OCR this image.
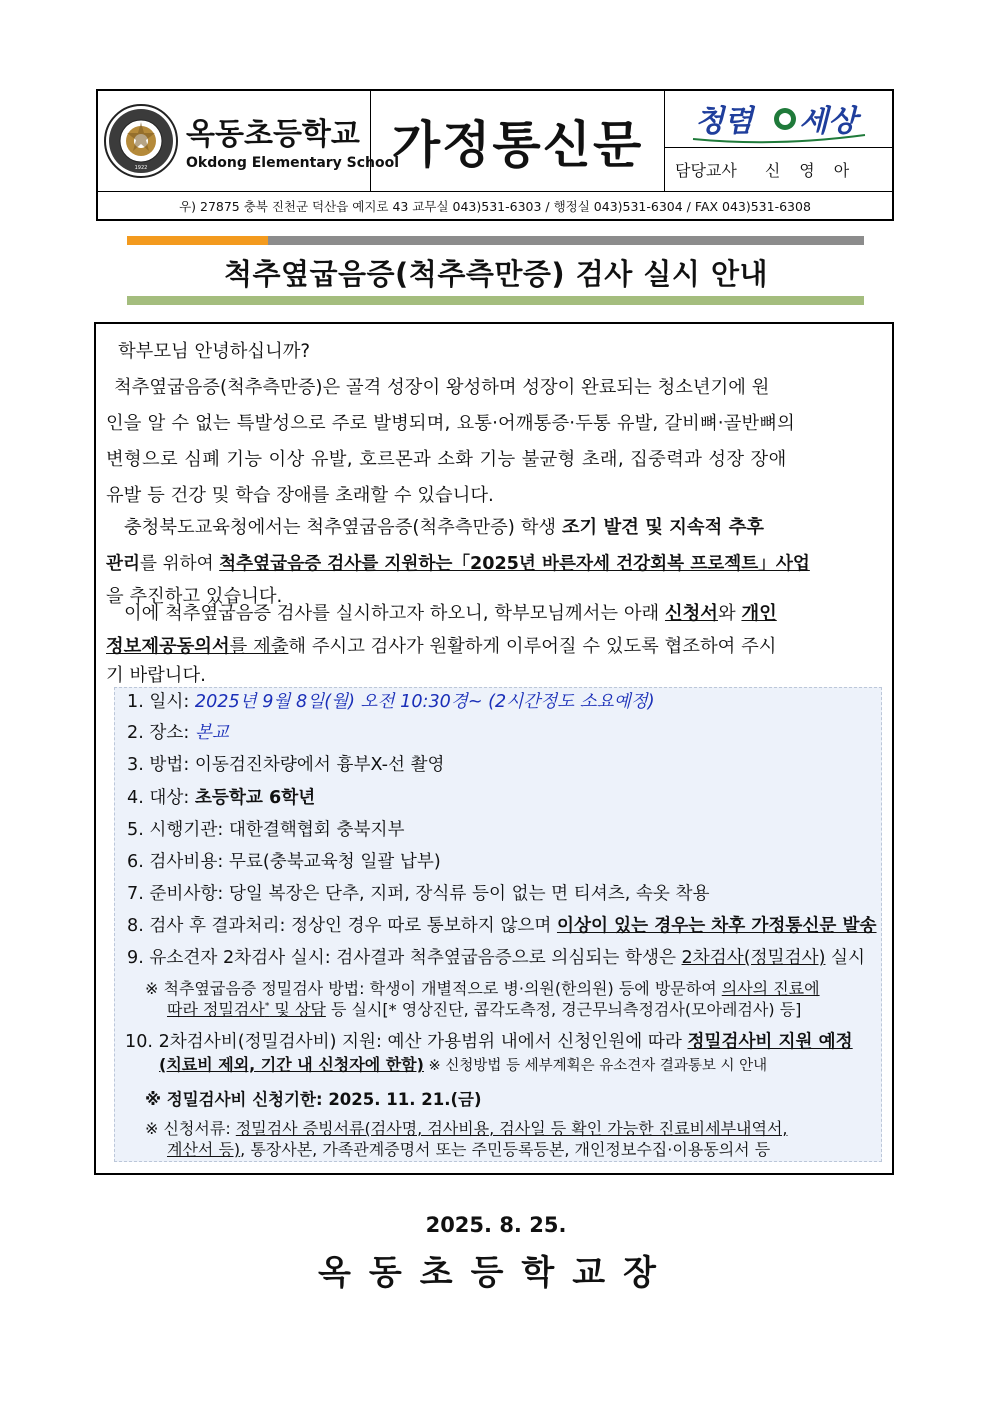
1922
옥동초등학교
Okdong Elementary School
가정통신문	청렴 세상
담당교사 신영아
우) 27875 충북 진천군 덕산읍 예지로 43 교무실 043)531-6303 / 행정실 043)531-6304 / FAX 043)531-6308
척추옆굽음증(척추측만증) 검사 실시 안내
학부모님 안녕하십니까?
척추옆굽음증(척추측만증)은 골격 성장이 왕성하며 성장이 완료되는 청소년기에 원
인을 알 수 없는 특발성으로 주로 발병되며, 요통·어깨통증·두통 유발, 갈비뼈·골반뼈의
변형으로 심폐 기능 이상 유발, 호르몬과 소화 기능 불균형 초래, 집중력과 성장 장애
유발 등 건강 및 학습 장애를 초래할 수 있습니다.
충청북도교육청에서는 척추옆굽음증(척추측만증) 학생 조기 발견 및 지속적 추후
관리를 위하여 척추옆굽음증 검사를 지원하는「2025년 바른자세 건강회복 프로젝트」사업
을 추진하고 있습니다.
이에 척추옆굽음증 검사를 실시하고자 하오니, 학부모님께서는 아래 신청서와 개인
정보제공동의서를 제출해 주시고 검사가 원활하게 이루어질 수 있도록 협조하여 주시
기 바랍니다.
1. 일시: 2025년 9월 8일(월) 오전 10:30경~ (2시간정도 소요예정)
2. 장소: 본교
3. 방법: 이동검진차량에서 흉부X-선 촬영
4. 대상: 초등학교 6학년
5. 시행기관: 대한결핵협회 충북지부
6. 검사비용: 무료(충북교육청 일괄 납부)
7. 준비사항: 당일 복장은 단추, 지퍼, 장식류 등이 없는 면 티셔츠, 속옷 착용
8. 검사 후 결과처리: 정상인 경우 따로 통보하지 않으며 이상이 있는 경우는 차후 가정통신문 발송
9. 유소견자 2차검사 실시: 검사결과 척추옆굽음증으로 의심되는 학생은 2차검사(정밀검사) 실시
※ 척추옆굽음증 정밀검사 방법: 학생이 개별적으로 병·의원(한의원) 등에 방문하여 의사의 진료에
따라 정밀검사* 및 상담 등 실시[* 영상진단, 콥각도측정, 경근무늬측정검사(모아레검사) 등]
10. 2차검사비(정밀검사비) 지원: 예산 가용범위 내에서 신청인원에 따라 정밀검사비 지원 예정
(치료비 제외, 기간 내 신청자에 한함) ※ 신청방법 등 세부계획은 유소견자 결과통보 시 안내
※ 정밀검사비 신청기한: 2025. 11. 21.(금)
※ 신청서류: 정밀검사 증빙서류(검사명, 검사비용, 검사일 등 확인 가능한 진료비세부내역서,
계산서 등), 통장사본, 가족관계증명서 또는 주민등록등본, 개인정보수집·이용동의서 등
2025. 8. 25.
옥동초등학교장
